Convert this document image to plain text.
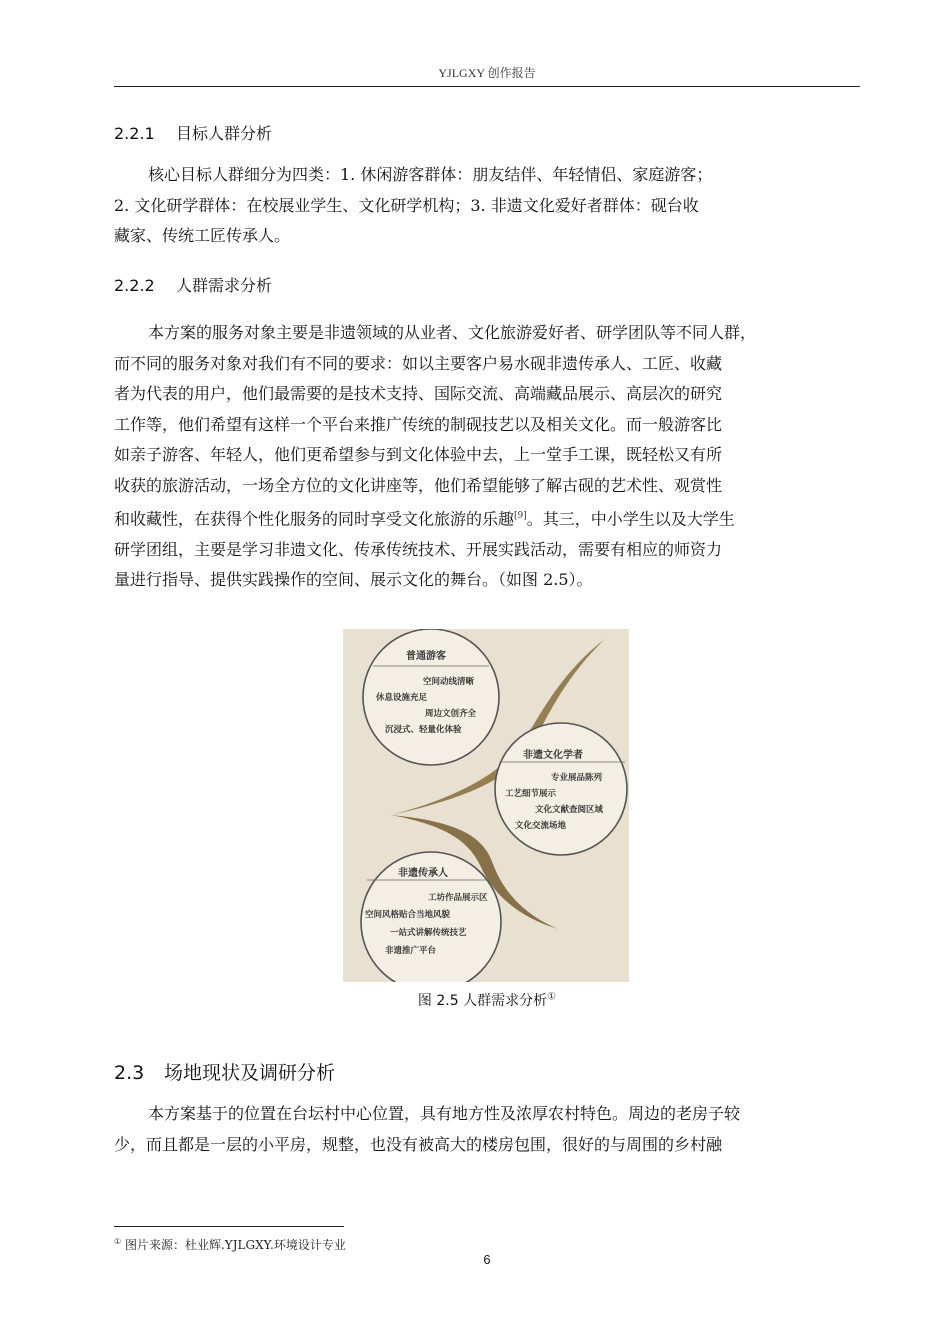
YJLGXY 创作报告
2.2.1 目标人群分析

核心目标人群细分为四类：1. 休闲游客群体：朋友结伴、年轻情侣、家庭游客；
2. 文化研学群体：在校展业学生、文化研学机构；3. 非遗文化爱好者群体：砚台收
藏家、传统工匠传承人。

2.2.2 人群需求分析

本方案的服务对象主要是非遗领域的从业者、文化旅游爱好者、研学团队等不同人群，
而不同的服务对象对我们有不同的要求：如以主要客户易水砚非遗传承人、工匠、收藏
者为代表的用户，他们最需要的是技术支持、国际交流、高端藏品展示、高层次的研究
工作等，他们希望有这样一个平台来推广传统的制砚技艺以及相关文化。而一般游客比
如亲子游客、年轻人，他们更希望参与到文化体验中去，上一堂手工课，既轻松又有所
收获的旅游活动，一场全方位的文化讲座等，他们希望能够了解古砚的艺术性、观赏性
和收藏性，在获得个性化服务的同时享受文化旅游的乐趣[9]。其三，中小学生以及大学生
研学团组，主要是学习非遗文化、传承传统技术、开展实践活动，需要有相应的师资力
量进行指导、提供实践操作的空间、展示文化的舞台。（如图 2.5）。

普通游客
空间动线清晰
休息设施充足
周边文创齐全
沉浸式、轻量化体验
非遗文化学者
专业展品陈列
工艺细节展示
文化文献查阅区域
文化交流场地
非遗传承人
工坊作品展示区
空间风格贴合当地风貌
一站式讲解传统技艺
非遗推广平台
图 2.5 人群需求分析①
2.3 场地现状及调研分析

本方案基于的位置在台坛村中心位置，具有地方性及浓厚农村特色。周边的老房子较
少，而且都是一层的小平房，规整，也没有被高大的楼房包围，很好的与周围的乡村融

① 图片来源：杜业辉.YJLGXY.环境设计专业
6
